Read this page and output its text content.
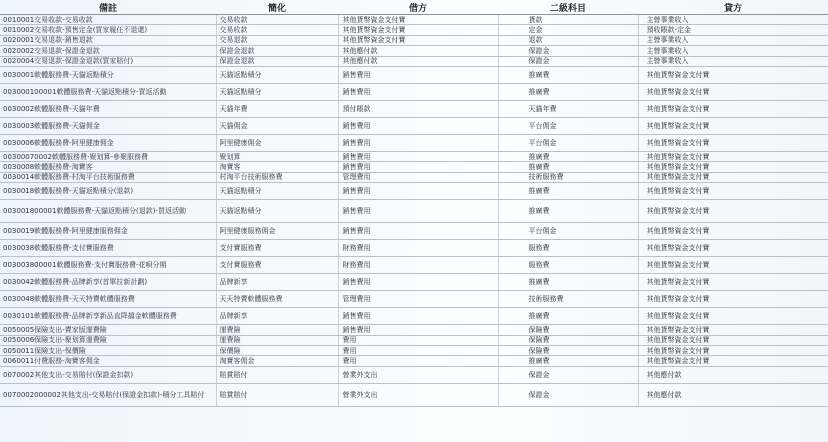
備註	簡化	借方	二級科目	貸方
0010001交易收款-交易收款	交易收款	其他貨幣資金支付寶	貨款	主營事業收入
0010002交易收款-預售定金(買家履任不退還)	交易收款	其他貨幣資金支付寶	定金	預收賬款-定金
0020001交易退款-銷售退款	交易退款	其他貨幣資金支付寶	退款	主營事業收入
0020002交易退款-保證金退款	保證金退款	其他應付款	保證金	主營事業收入
0020004交易退款-保證金退款(買家賠付)	保證金退款	其他應付款	保證金	主營事業收入
0030001軟體服務費-天貓返點積分	天貓返點積分	銷售費用	推廣費	其他貨幣資金支付寶
003000100001軟體服務費-天貓返點積分-買返活動	天貓返點積分	銷售費用	推廣費	其他貨幣資金支付寶
0030002軟體服務費-天貓年費	天貓年費	預付賬款	天貓年費	其他貨幣資金支付寶
0030003軟體服務費-天貓佣金	天貓佣金	銷售費用	平台佣金	其他貨幣資金支付寶
0030006軟體服務費-阿里健康佣金	阿里健康佣金	銷售費用	平台佣金	其他貨幣資金支付寶
00300070002軟體服務費-聚划算-參聚服務費	聚划算	銷售費用	推廣費	其他貨幣資金支付寶
0030008軟體服務費-淘寶客	淘寶客	銷售費用	推廣費	其他貨幣資金支付寶
0030014軟體服務費-村淘平台技術服務費	村淘平台技術服務費	管理費用	技術服務費	其他貨幣資金支付寶
0030018軟體服務費-天貓返點積分(退款)	天貓返點積分	銷售費用	推廣費	其他貨幣資金支付寶
003001800001軟體服務費-天貓返點積分(退款)-買返活動	天貓返點積分	銷售費用	推廣費	其他貨幣資金支付寶
0030019軟體服務費-阿里健康服務佣金	阿里健康服務佣金	銷售費用	平台佣金	其他貨幣資金支付寶
0030038軟體服務費-支付寶服務費	支付寶服務費	財務費用	服務費	其他貨幣資金支付寶
003003800001軟體服務費-支付寶服務費-花唄分期	支付寶服務費	財務費用	服務費	其他貨幣資金支付寶
0030042軟體服務費-品牌新享(首單拉新計劃)	品牌新享	銷售費用	推廣費	其他貨幣資金支付寶
0030048軟體服務費-天天特賣軟體服務費	天天特賣軟體服務費	管理費用	技術服務費	其他貨幣資金支付寶
0030101軟體服務費-品牌新享新品直降擋金軟體服務費	品牌新享	銷售費用	推廣費	其他貨幣資金支付寶
0050005保險支出-賣家版運費險	運費險	銷售費用	保險費	其他貨幣資金支付寶
0050006保險支出-聚划算運費險	運費險	費用	保險費	其他貨幣資金支付寶
0050011保險支出-保價險	保價險	費用	保險費	其他貨幣資金支付寶
0060011付費服務-淘寶客佣金	淘寶客佣金	費用	推廣費	其他貨幣資金支付寶
0070002其他支出-交易賠付(保證金扣款)	賠賞賠付	營業外支出	保證金	其他應付款
0070002000002其他支出-交易賠付(保證金扣款)-積分工具賠付	賠賞賠付	營業外支出	保證金	其他應付款
